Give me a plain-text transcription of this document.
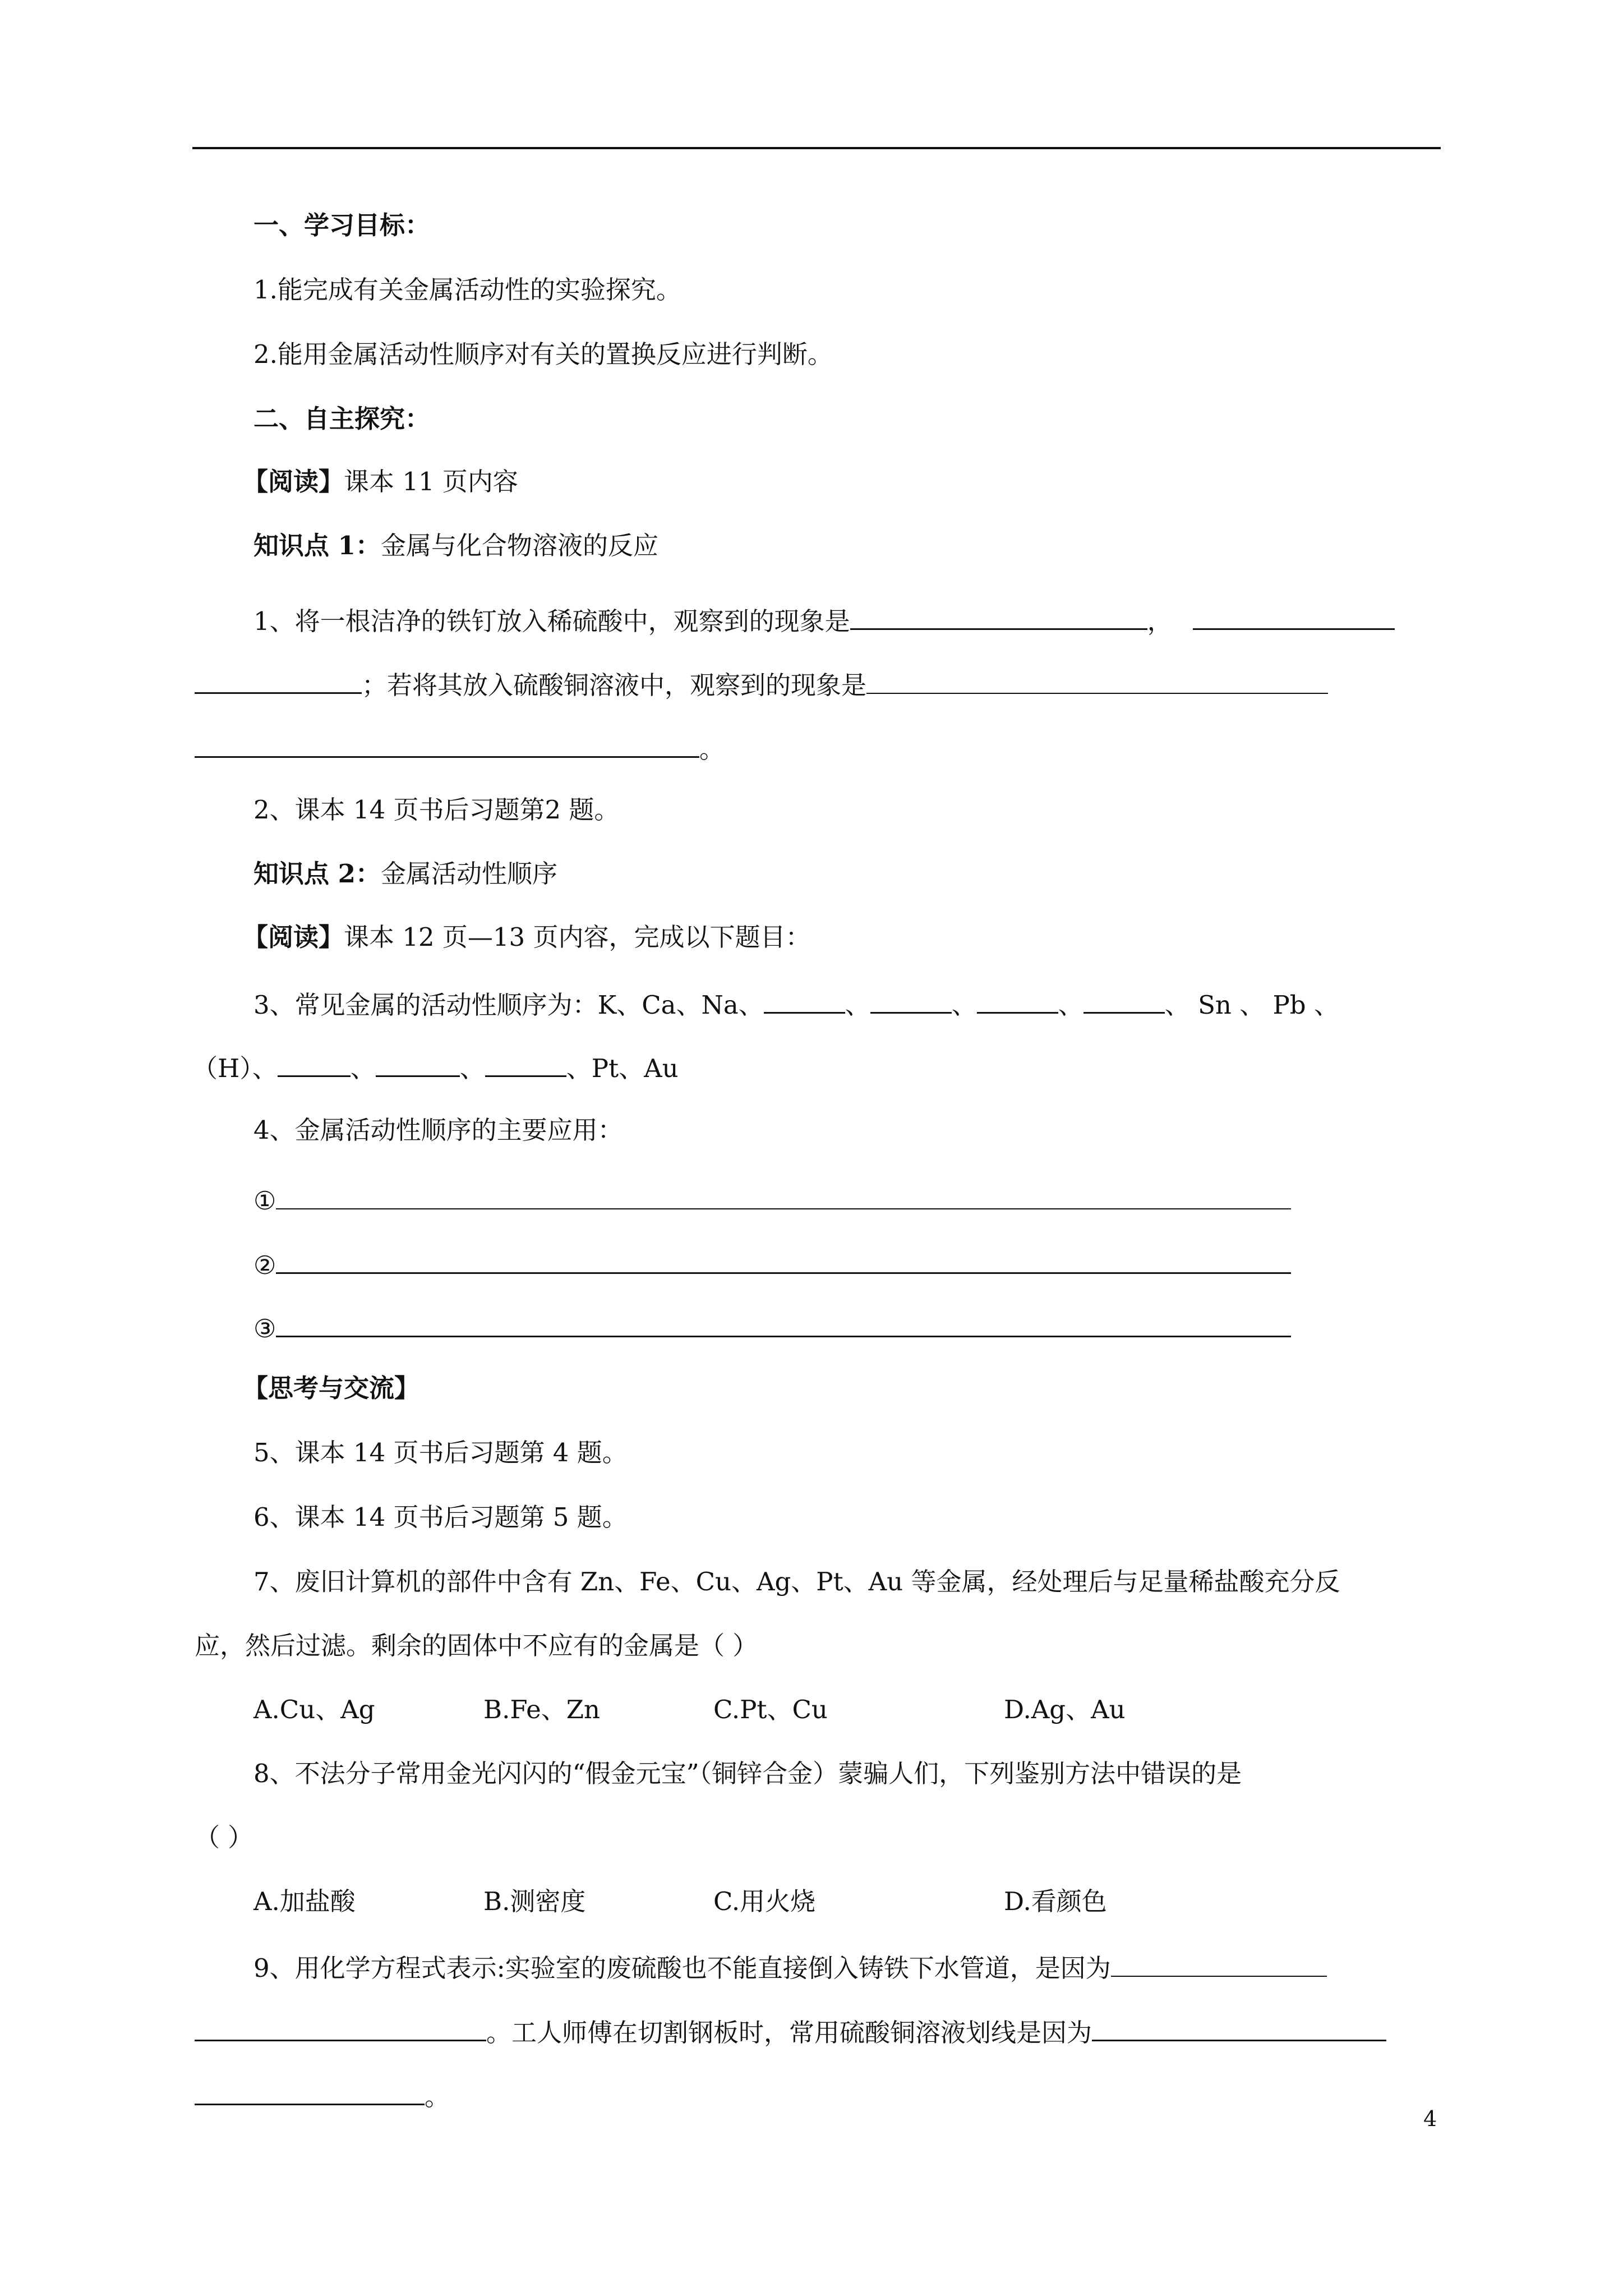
一、学习目标：
1.能完成有关金属活动性的实验探究。
2.能用金属活动性顺序对有关的置换反应进行判断。
二、自主探究：
【阅读】课本 11 页内容
知识点 1：金属与化合物溶液的反应
1、将一根洁净的铁钉放入稀硫酸中，观察到的现象是	，
；若将其放入硫酸铜溶液中，观察到的现象是
。
2、课本 14 页书后习题第2 题。
知识点 2：金属活动性顺序
【阅读】课本 12 页—13 页内容，完成以下题目：
3、常见金属的活动性顺序为：K、Ca、Na、	、	、	、	、 Sn 、 Pb 、
（H）、	、	、	、Pt、Au
4、金属活动性顺序的主要应用：
①
②
③
【思考与交流】
5、课本 14 页书后习题第 4 题。
6、课本 14 页书后习题第 5 题。
7、废旧计算机的部件中含有 Zn、Fe、Cu、Ag、Pt、Au 等金属，经处理后与足量稀盐酸充分反
应，然后过滤。剩余的固体中不应有的金属是（ ）
A.Cu、Ag	B.Fe、Zn	C.Pt、Cu	D.Ag、Au
8、不法分子常用金光闪闪的“假金元宝”（铜锌合金）蒙骗人们，下列鉴别方法中错误的是
（ ）
A.加盐酸	B.测密度	C.用火烧	D.看颜色
9、用化学方程式表示:实验室的废硫酸也不能直接倒入铸铁下水管道，是因为
。工人师傅在切割钢板时，常用硫酸铜溶液划线是因为
。
4
